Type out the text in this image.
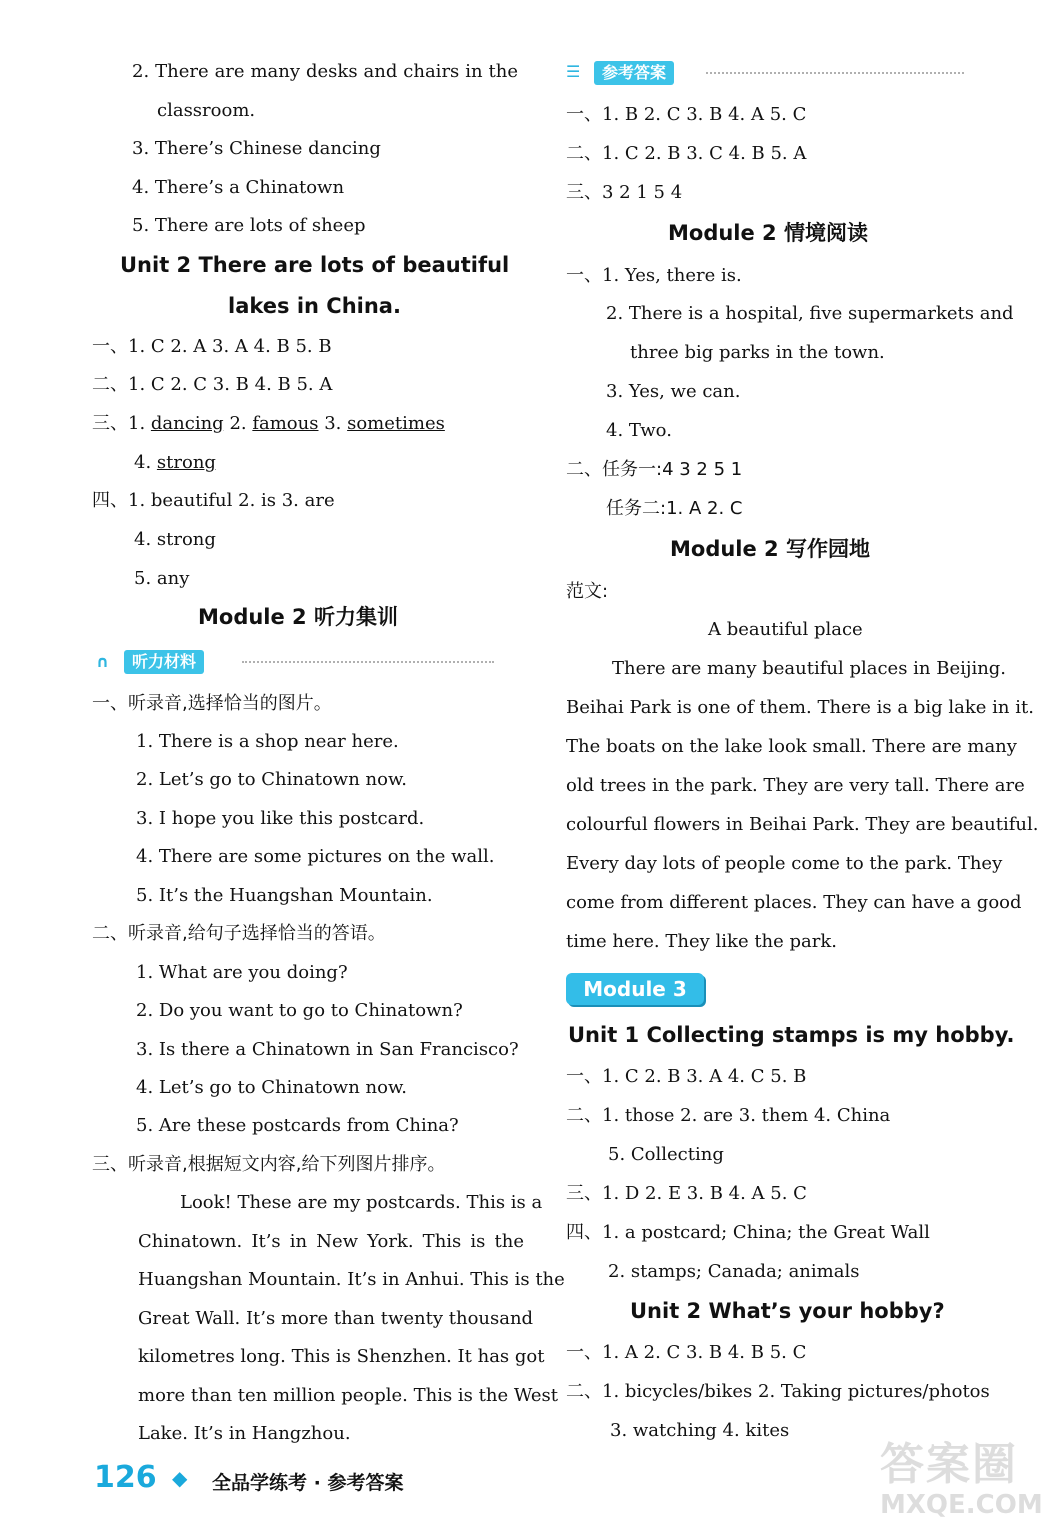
2. There are many desks and chairs in the
classroom.
3. There’s Chinese dancing
4. There’s a Chinatown
5. There are lots of sheep
Unit 2 There are lots of beautiful
lakes in China.
一、1. C 2. A 3. A 4. B 5. B
二、1. C 2. C 3. B 4. B 5. A
三、1. dancing 2. famous 3. sometimes
4. strong
四、1. beautiful 2. is 3. are
4. strong
5. any
Module 2 听力集训
∩	听力材料
一、听录音,选择恰当的图片。
1. There is a shop near here.
2. Let’s go to Chinatown now.
3. I hope you like this postcard.
4. There are some pictures on the wall.
5. It’s the Huangshan Mountain.
二、听录音,给句子选择恰当的答语。
1. What are you doing?
2. Do you want to go to Chinatown?
3. Is there a Chinatown in San Francisco?
4. Let’s go to Chinatown now.
5. Are these postcards from China?
三、听录音,根据短文内容,给下列图片排序。
Look! These are my postcards. This is a
Chinatown. It’s in New York. This is the
Huangshan Mountain. It’s in Anhui. This is the
Great Wall. It’s more than twenty thousand
kilometres long. This is Shenzhen. It has got
more than ten million people. This is the West
Lake. It’s in Hangzhou.
☰	参考答案
一、1. B 2. C 3. B 4. A 5. C
二、1. C 2. B 3. C 4. B 5. A
三、3 2 1 5 4
Module 2 情境阅读
一、1. Yes, there is.
2. There is a hospital, five supermarkets and
three big parks in the town.
3. Yes, we can.
4. Two.
二、任务一:4 3 2 5 1
任务二:1. A 2. C
Module 2 写作园地
范文:
A beautiful place
There are many beautiful places in Beijing.
Beihai Park is one of them. There is a big lake in it.
The boats on the lake look small. There are many
old trees in the park. They are very tall. There are
colourful flowers in Beihai Park. They are beautiful.
Every day lots of people come to the park. They
come from different places. They can have a good
time here. They like the park.
Module 3
Unit 1 Collecting stamps is my hobby.
一、1. C 2. B 3. A 4. C 5. B
二、1. those 2. are 3. them 4. China
5. Collecting
三、1. D 2. E 3. B 4. A 5. C
四、1. a postcard; China; the Great Wall
2. stamps; Canada; animals
Unit 2 What’s your hobby?
一、1. A 2. C 3. B 4. B 5. C
二、1. bicycles/bikes 2. Taking pictures/photos
3. watching 4. kites
126 ◆ 全品学练考 · 参考答案	答案圈
MXQE.COM
